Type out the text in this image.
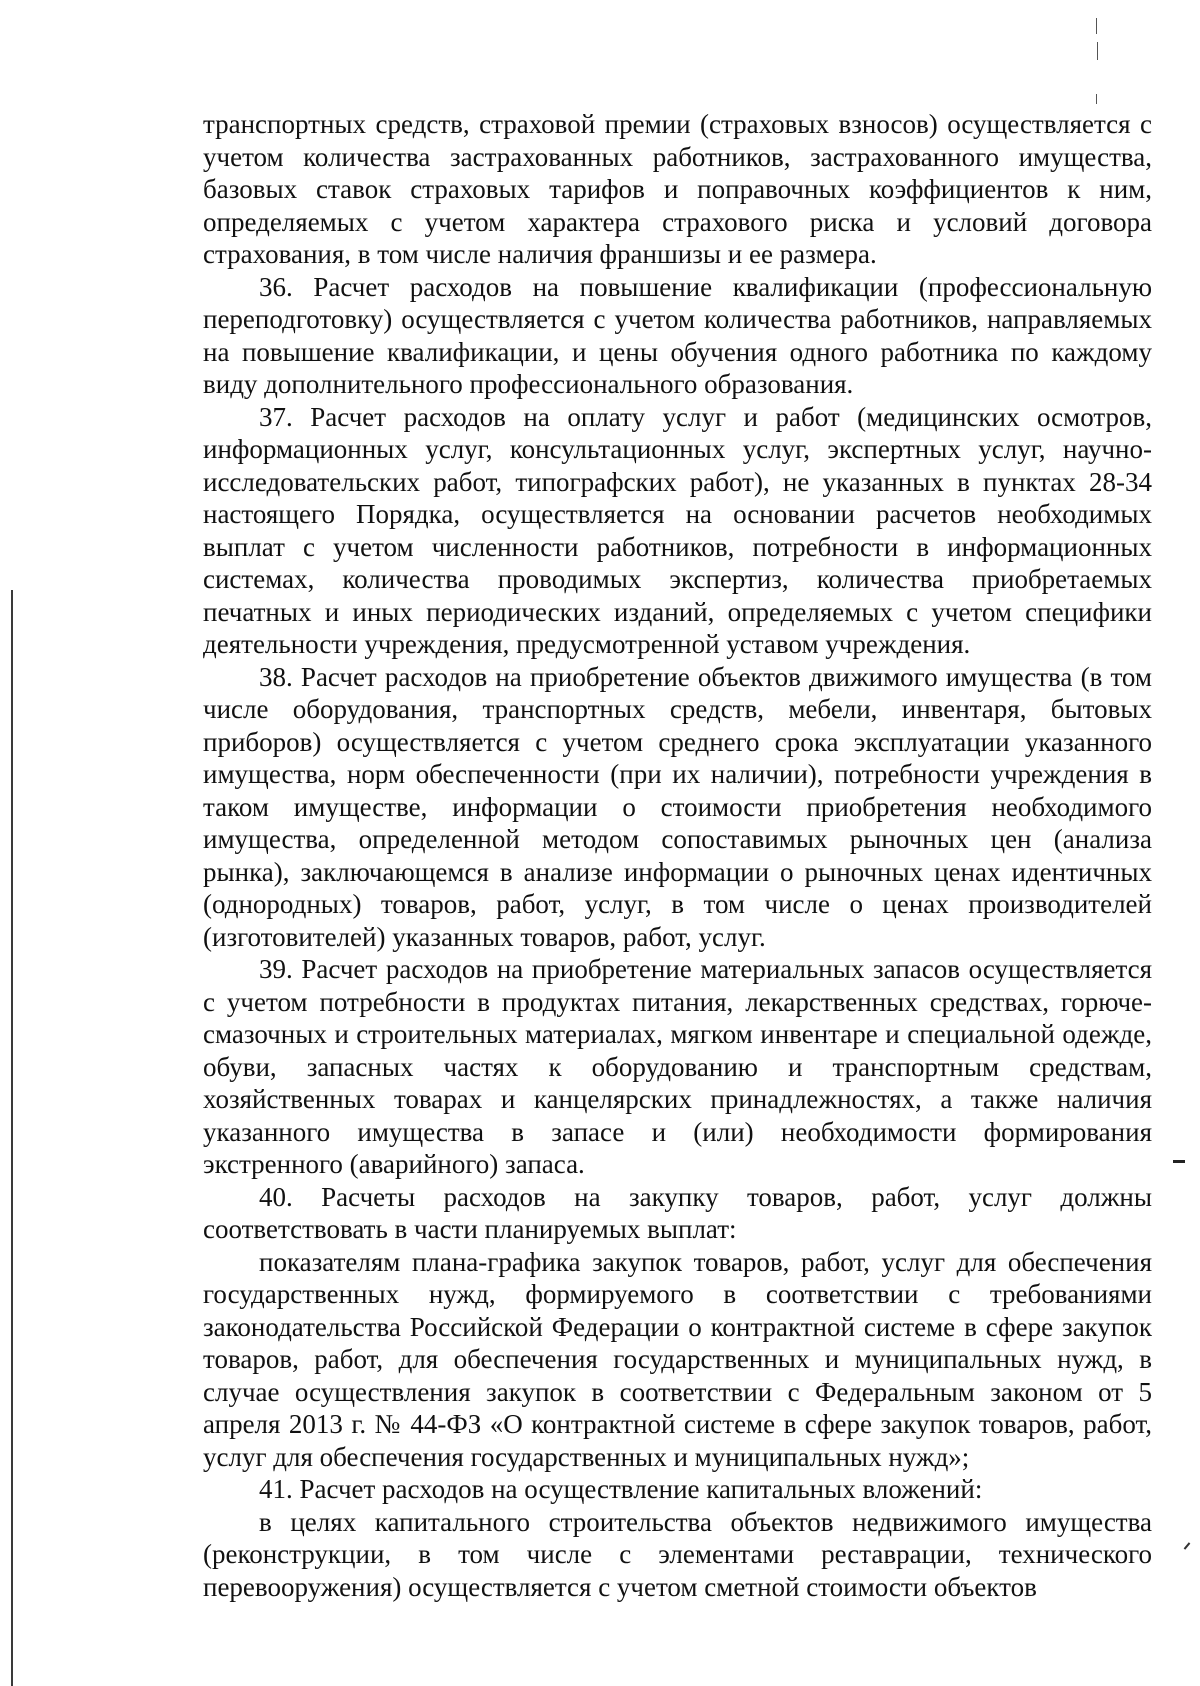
транспортных средств, страховой премии (страховых взносов) осуществляется с учетом количества застрахованных работников, застрахованного имущества, базовых ставок страховых тарифов и поправочных коэффициентов к ним, определяемых с учетом характера страхового риска и условий договора страхования, в том числе наличия франшизы и ее размера.

36. Расчет расходов на повышение квалификации (профессиональную переподготовку) осуществляется с учетом количества работников, направляемых на повышение квалификации, и цены обучения одного работника по каждому виду дополнительного профессионального образования.

37. Расчет расходов на оплату услуг и работ (медицинских осмотров, информационных услуг, консультационных услуг, экспертных услуг, научно-исследовательских работ, типографских работ), не указанных в пунктах 28-34 настоящего Порядка, осуществляется на основании расчетов необходимых выплат с учетом численности работников, потребности в информационных системах, количества проводимых экспертиз, количества приобретаемых печатных и иных периодических изданий, определяемых с учетом специфики деятельности учреждения, предусмотренной уставом учреждения.

38. Расчет расходов на приобретение объектов движимого имущества (в том числе оборудования, транспортных средств, мебели, инвентаря, бытовых приборов) осуществляется с учетом среднего срока эксплуатации указанного имущества, норм обеспеченности (при их наличии), потребности учреждения в таком имуществе, информации о стоимости приобретения необходимого имущества, определенной методом сопоставимых рыночных цен (анализа рынка), заключающемся в анализе информации о рыночных ценах идентичных (однородных) товаров, работ, услуг, в том числе о ценах производителей (изготовителей) указанных товаров, работ, услуг.

39. Расчет расходов на приобретение материальных запасов осуществляется с учетом потребности в продуктах питания, лекарственных средствах, горюче-смазочных и строительных материалах, мягком инвентаре и специальной одежде, обуви, запасных частях к оборудованию и транспортным средствам, хозяйственных товарах и канцелярских принадлежностях, а также наличия указанного имущества в запасе и (или) необходимости формирования экстренного (аварийного) запаса.

40. Расчеты расходов на закупку товаров, работ, услуг должны соответствовать в части планируемых выплат:

показателям плана-графика закупок товаров, работ, услуг для обеспечения государственных нужд, формируемого в соответствии с требованиями законодательства Российской Федерации о контрактной системе в сфере закупок товаров, работ, для обеспечения государственных и муниципальных нужд, в случае осуществления закупок в соответствии с Федеральным законом от 5 апреля 2013 г. № 44-ФЗ «О контрактной системе в сфере закупок товаров, работ, услуг для обеспечения государственных и муниципальных нужд»;

41. Расчет расходов на осуществление капитальных вложений:

в целях капитального строительства объектов недвижимого имущества (реконструкции, в том числе с элементами реставрации, технического перевооружения) осуществляется с учетом сметной стоимости объектов
